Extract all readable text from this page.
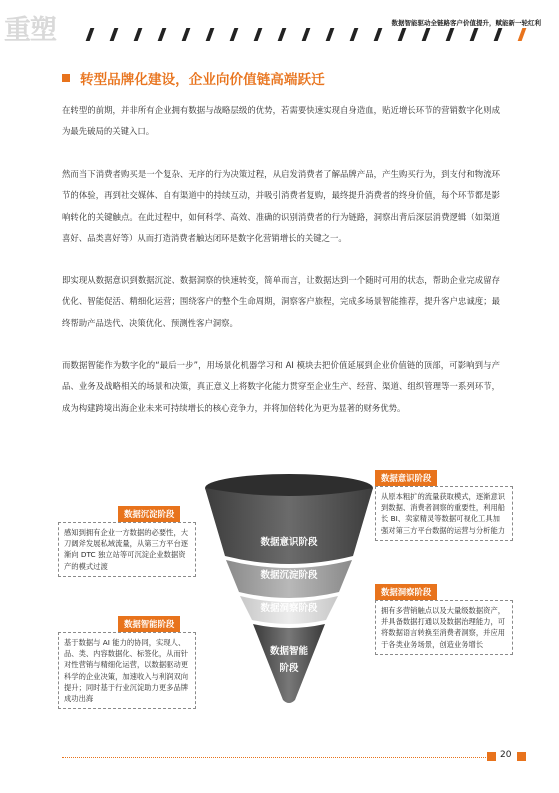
重塑	数据智能驱动全链路客户价值提升，赋能新一轮红利
转型品牌化建设，企业向价值链高端跃迁

在转型的前期，并非所有企业拥有数据与战略层级的优势，若需要快速实现自身造血，贴近增长环节的营销数字化则成为最先破局的关键入口。

然而当下消费者购买是一个复杂、无序的行为决策过程，从启发消费者了解品牌产品，产生购买行为，到支付和物流环节的体验，再到社交媒体、自有渠道中的持续互动，并吸引消费者复购，最终提升消费者的终身价值，每个环节都是影响转化的关键触点。在此过程中，如何科学、高效、准确的识别消费者的行为链路，洞察出背后深层消费逻辑（如渠道喜好、品类喜好等）从而打造消费者触达闭环是数字化营销增长的关键之一。

即实现从数据意识到数据沉淀、数据洞察的快速转变，简单而言，让数据达到一个随时可用的状态，帮助企业完成留存优化、智能促活、精细化运营；围绕客户的整个生命周期，洞察客户旅程，完成多场景智能推荐，提升客户忠诚度；最终帮助产品迭代、决策优化、预测性客户洞察。

而数据智能作为数字化的“最后一步”，用场景化机器学习和 AI 模块去把价值延展到企业价值链的顶部，可影响到与产品、业务及战略相关的场景和决策，真正意义上将数字化能力贯穿至企业生产、经营、渠道、组织管理等一系列环节，成为构建跨境出海企业未来可持续增长的核心竞争力，并将加倍转化为更为显著的财务优势。

数据意识阶段
数据沉淀阶段
数据洞察阶段
数据智能阶段
数据意识阶段
从原本粗扩的流量获取模式，逐渐意识到数据、消费者洞察的重要性，利用船长 BI、卖家精灵等数据可视化工具加强对第三方平台数据的运营与分析能力
数据沉淀阶段
感知到拥有企业一方数据的必要性，大刀阔斧发展私域流量，从第三方平台逐渐向 DTC 独立站等可沉淀企业数据资产的模式过渡
数据洞察阶段
拥有多营销触点以及大量级数据资产，并具备数据打通以及数据治理能力，可将数据语言转换至消费者洞察，并应用于各类业务场景，创造业务增长
数据智能阶段
基于数据与 AI 能力的协同，实现人、品、类、内容数据化、标签化，从而针对性营销与精细化运营，以数据驱动更科学的企业决策，加速收入与利润双向提升；同时基于行业沉淀助力更多品牌成功出海
20
